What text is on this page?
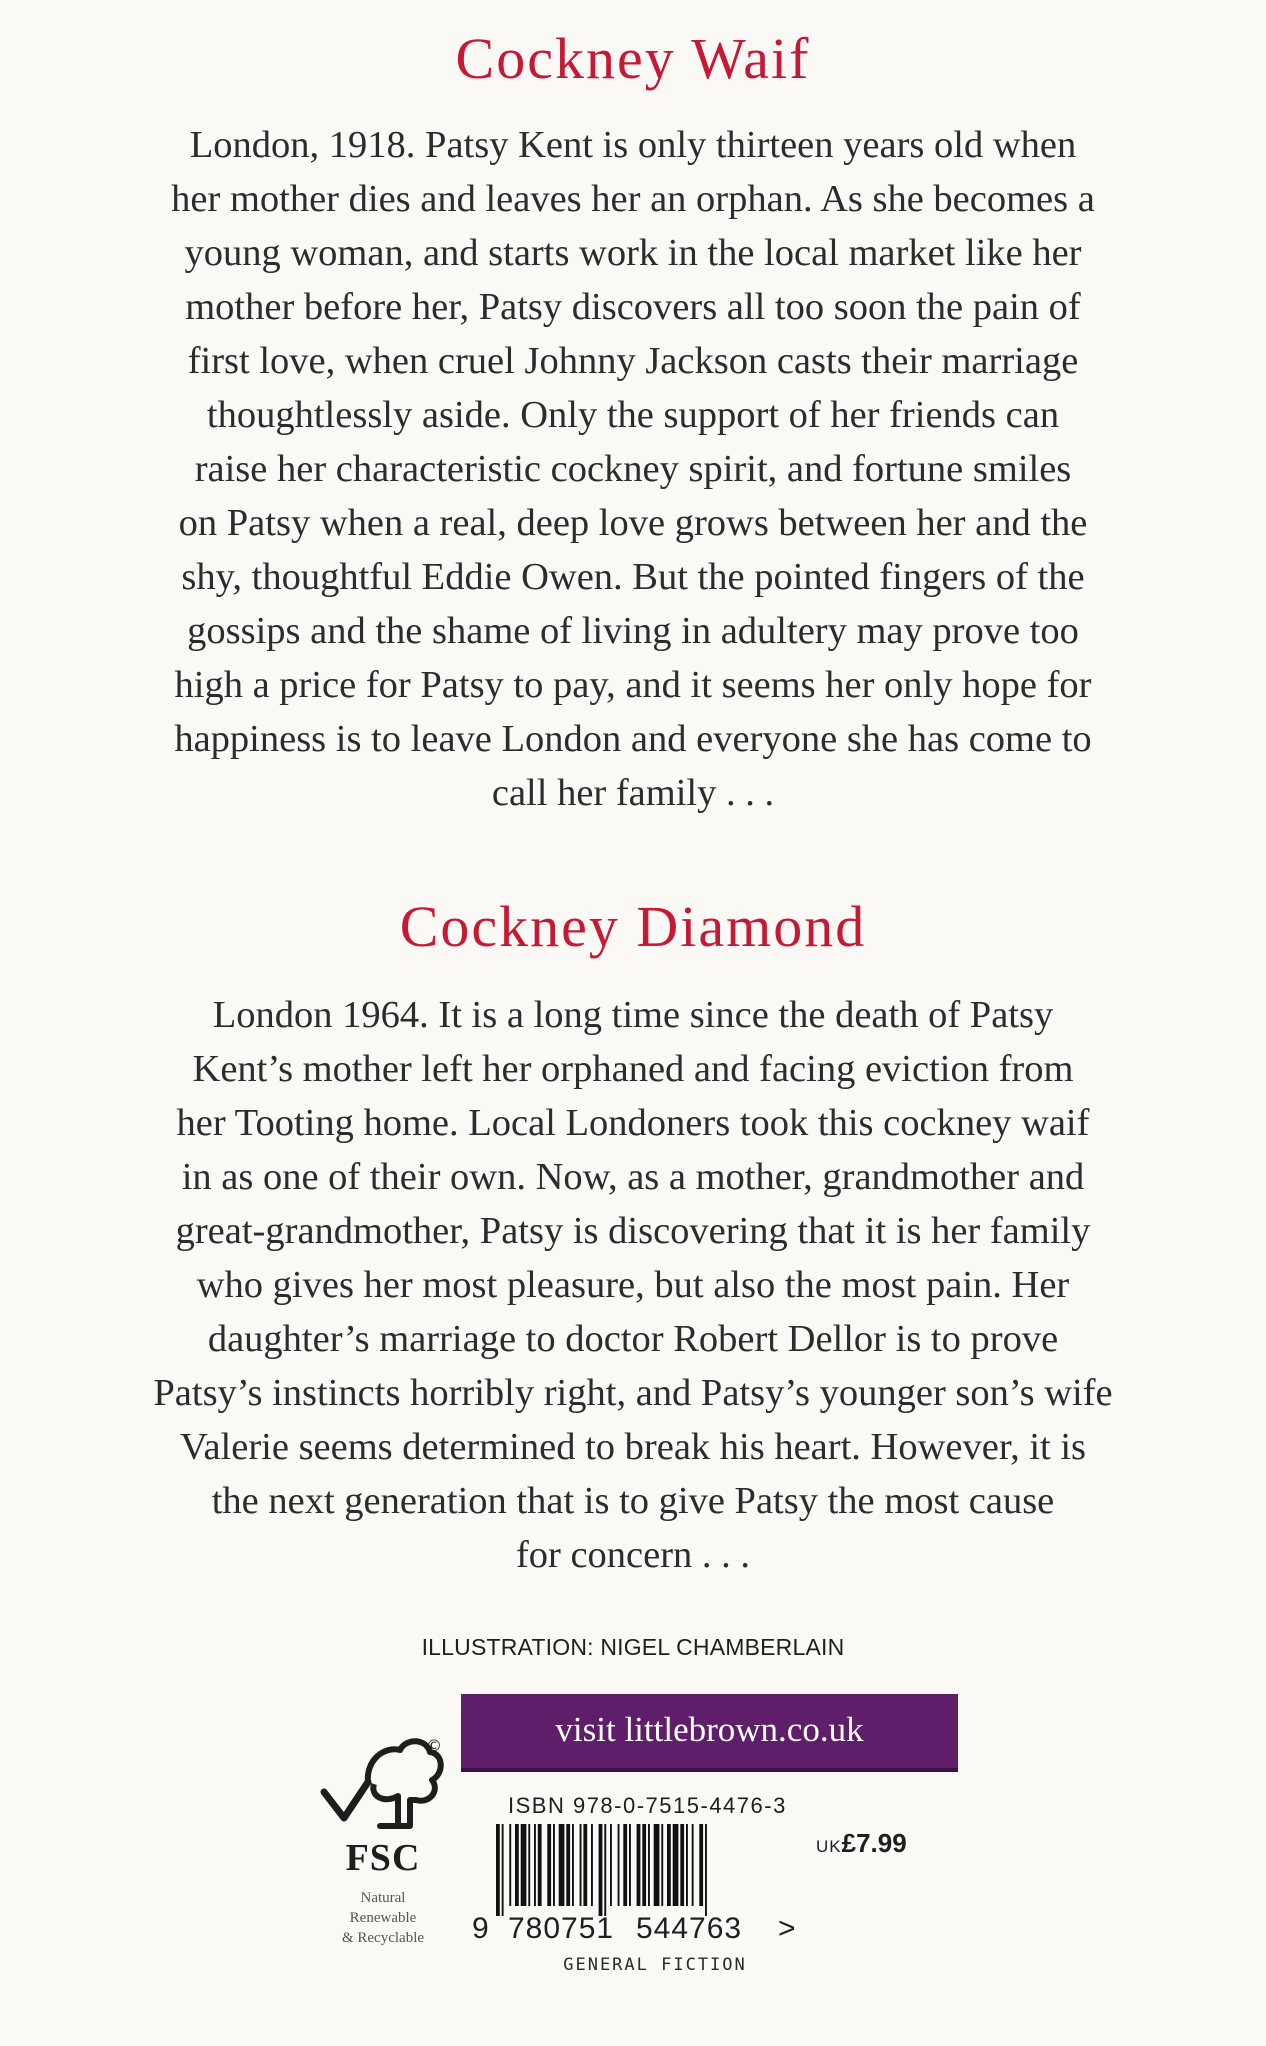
Cockney Waif
London, 1918. Patsy Kent is only thirteen years old when
her mother dies and leaves her an orphan. As she becomes a
young woman, and starts work in the local market like her
mother before her, Patsy discovers all too soon the pain of
first love, when cruel Johnny Jackson casts their marriage
thoughtlessly aside. Only the support of her friends can
raise her characteristic cockney spirit, and fortune smiles
on Patsy when a real, deep love grows between her and the
shy, thoughtful Eddie Owen. But the pointed fingers of the
gossips and the shame of living in adultery may prove too
high a price for Patsy to pay, and it seems her only hope for
happiness is to leave London and everyone she has come to
call her family . . .
Cockney Diamond
London 1964. It is a long time since the death of Patsy
Kent’s mother left her orphaned and facing eviction from
her Tooting home. Local Londoners took this cockney waif
in as one of their own. Now, as a mother, grandmother and
great-grandmother, Patsy is discovering that it is her family
who gives her most pleasure, but also the most pain. Her
daughter’s marriage to doctor Robert Dellor is to prove
Patsy’s instincts horribly right, and Patsy’s younger son’s wife
Valerie seems determined to break his heart. However, it is
the next generation that is to give Patsy the most cause
for concern . . .
ILLUSTRATION: NIGEL CHAMBERLAIN
visit littlebrown.co.uk
FSC
Natural
Renewable
& Recyclable
©
ISBN 978-0-7515-4476-3
9 780751 544763 >
UK£7.99
GENERAL FICTION
